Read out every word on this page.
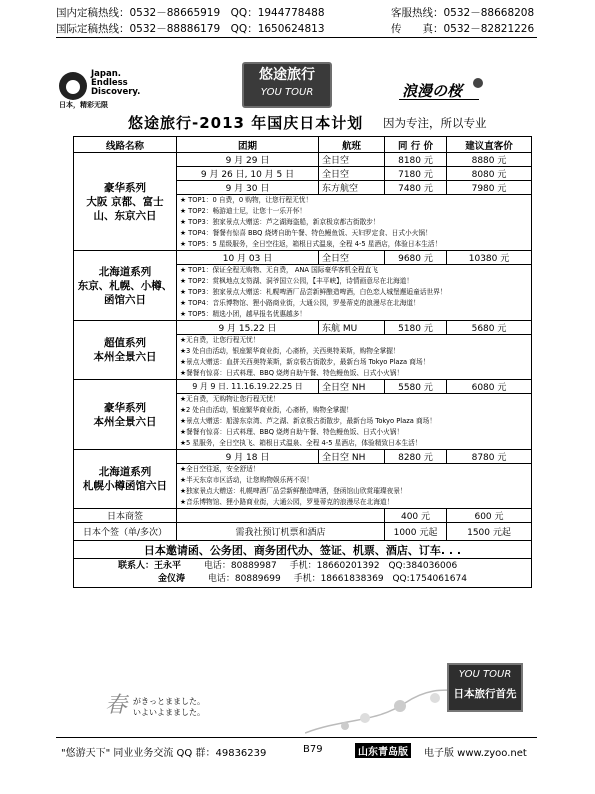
国内定稿热线：0532－88665919　QQ：1944778488
国际定稿热线：0532－88886179　QQ：1650624813
客服热线：0532－88668208
传　　真：0532－82821226
Japan.
Endless
Discovery.
日本，精彩无限
悠途旅行
YOU TOUR	浪漫の桜
悠途旅行-2013 年国庆日本计划 因为专注，所以专业
线路名称	团期	航班	同 行 价	建议直客价

豪华系列
大阪 京都、富士
山、东京六日	9 月 29 日	全日空	8180 元	8880 元
	9 月 26 日, 10 月 5 日	全日空	7180 元	8080 元
	9 月 30 日	东方航空	7480 元	7980 元

	★ TOP1：0 自费，0 购物，让您行程无忧！
★ TOP2：畅游迪士尼，让您十一乐开怀！
★ TOP3：独家景点大赠送：芦之湖海盗船，新京极京都古街散步！
★ TOP4：餐餐有惊喜 BBQ 烧烤自助午餐、特色鳗鱼饭、天妇罗定食、日式小火锅！
★ TOP5：5 星级服务，全日空往返，箱根日式温泉，全程 4-5 星酒店，体验日本生活！			

北海道系列
东京、札幌、小樽、
函馆六日	10 月 03 日	全日空	9680 元	10380 元

	★ TOP1：保证全程无购物、无自费， ANA 国际豪华客机全程直飞
★ TOP2：赏枫地点支笏湖、洞爷国立公园，【丰平峡】，诗情画意尽在北海道！
★ TOP3：独家景点大赠送：札幌啤酒厂品尝新鲜酿造啤酒，白色恋人城堡邂逅童话世界！
★ TOP4：音乐博物馆、狸小路商业街，大通公园，罗曼蒂克的浪漫尽在北海道！
★ TOP5：精选小团，越早报名优惠越多！			

超值系列
本州全景六日	9 月 15.22 日	东航 MU	5180 元	5680 元

	★无自费，让您行程无忧！
★3 处自由活动，银座繁华商业街，心斋桥，关西奥特莱斯，购物全掌握！
★景点大赠送：血拼关西奥特莱斯，新京极古街散步，最新台场 Tokyo Plaza 商场！
★餐餐有惊喜：日式料理、BBQ 烧烤自助午餐、特色鳗鱼饭、日式小火锅！			

豪华系列
本州全景六日	9 月 9 日. 11.16.19.22.25 日	全日空 NH	5580 元	6080 元

	★无自费，无购物让您行程无忧！
★2 处自由活动，银座繁华商业街，心斋桥，购物全掌握！
★景点大赠送：船游东京湾、芦之湖、新京极古街散步，最新台场 Tokyo Plaza 商场！
★餐餐有惊喜：日式料理、BBQ 烧烤自助午餐、特色鳗鱼饭、日式小火锅！
★5 星服务，全日空执飞、箱根日式温泉、全程 4-5 星酒店，体验精致日本生活！			

北海道系列
札幌小樽函馆六日	9 月 18 日	全日空 NH	8280 元	8780 元

	★全日空往返，安全舒适！
★半天东京市区活动，让您购物娱乐两不误！
★独家景点大赠送：札幌啤酒厂品尝新鲜酿造啤酒，登函馆山欣赏璀璨夜景！
★音乐博物馆、狸小路商业街，大通公园，罗曼蒂克的浪漫尽在北海道！			

日本商签			400 元	600 元
日本个签（单/多次）	需我社预订机票和酒店		1000 元起	1500 元起
日本邀请函、公务团、商务团代办、签证、机票、酒店、订车. . .				

联系人：王永平 电话：80889987 手机：18660201392 QQ:384036006
金仪涛 电话：80889699 手机：18661838369 QQ:1754061674				
春 がきっとまました。
いよいよまました。
YOU TOUR
日本旅行首先
"悠游天下" 同业业务交流 QQ 群：49836239	B79	山东青岛版	电子版 www.zyoo.net
